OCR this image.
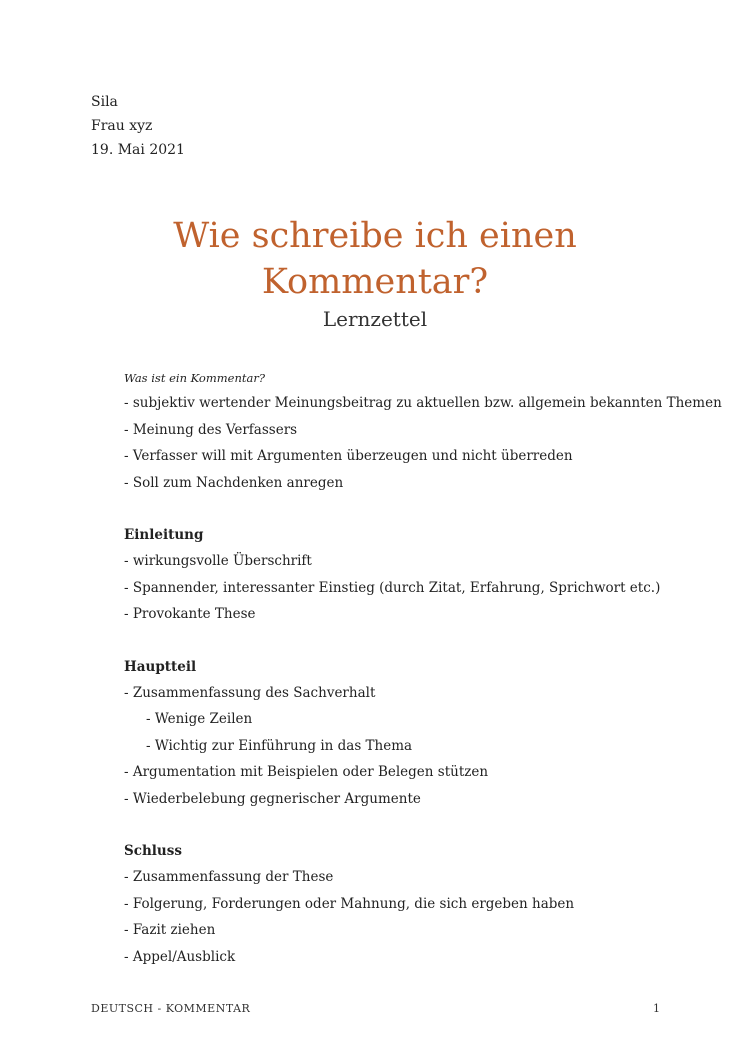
Sila
Frau xyz
19. Mai 2021
Wie schreibe ich einen
Kommentar?
Lernzettel
Was ist ein Kommentar?
- subjektiv wertender Meinungsbeitrag zu aktuellen bzw. allgemein bekannten Themen
- Meinung des Verfassers
- Verfasser will mit Argumenten überzeugen und nicht überreden
- Soll zum Nachdenken anregen
Einleitung
- wirkungsvolle Überschrift
- Spannender, interessanter Einstieg (durch Zitat, Erfahrung, Sprichwort etc.)
- Provokante These
Hauptteil
- Zusammenfassung des Sachverhalt
- Wenige Zeilen
- Wichtig zur Einführung in das Thema
- Argumentation mit Beispielen oder Belegen stützen
- Wiederbelebung gegnerischer Argumente
Schluss
- Zusammenfassung der These
- Folgerung, Forderungen oder Mahnung, die sich ergeben haben
- Fazit ziehen
- Appel/Ausblick
DEUTSCH - KOMMENTAR	1
